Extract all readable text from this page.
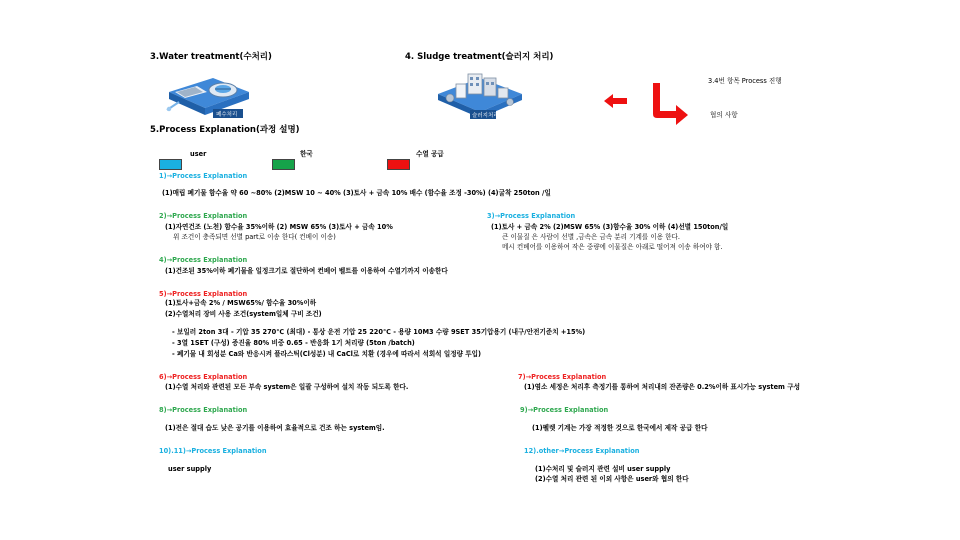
3.Water treatment(수처리)	4. Sludge treatment(슬러지 처리)
5.Process Explanation(과정 설명)
폐수처리	슬러지처리
3.4번 항목 Process 진행
협의 사항
user	한국	수열 공급
1)→Process Explanation
(1)매립 폐기물 함수율 약 60 ~80% (2)MSW 10 ~ 40% (3)토사 + 금속 10% 배수 (함수율 조정 -30%) (4)굴착 250ton /일
2)→Process Explanation
(1)자연건조 (노천) 함수율 35%이하 (2) MSW 65% (3)토사 + 금속 10%
위 조건이 충족되면 선별 part로 이송 한다( 컨베이 이송)
3)→Process Explanation
(1)토사 + 금속 2% (2)MSW 65% (3)함수율 30% 이하 (4)선별 150ton/일
큰 이물질 은 사람이 선별 ,금속은 금속 분리 기계를 이용 한다.
메시 컨베어를 이용하여 작은 중량에 이물질은 아래로 떨어져 이송 하여야 함.
4)→Process Explanation
(1)건조된 35%이하 폐기물을 일정크기로 절단하여 컨베어 벨트를 이용하여 수열기까지 이송한다
5)→Process Explanation
(1)토사+금속 2% / MSW65%/ 함수율 30%이하
(2)수열처리 장비 사용 조건(system일체 구비 조건)
- 보일러 2ton 3대 - 기압 35 270℃ (최대) - 통상 운전 기압 25 220℃ - 용량 10M3 수량 9SET 35기압용기 (내구/안전기준치 +15%)
- 3열 1SET (구성) 증진율 80% 비중 0.65 - 반응화 1기 처리량 (5ton /batch)
- 폐기물 내 회성분 Ca와 반응시켜 플라스틱(Cl성분) 내 CaCl로 치환 (경우에 따라서 석회석 일정량 투입)
6)→Process Explanation
(1)수열 처리와 관련된 모든 부속 system은 일괄 구성하여 설치 작동 되도록 한다.
7)→Process Explanation
(1)염소 세정은 처리후 측정기를 통하여 처리내의 잔존량은 0.2%이하 표시가능 system 구성
8)→Process Explanation
(1)전은 절대 습도 낮은 공기를 이용하여 효율적으로 건조 하는 system임.
9)→Process Explanation
(1)펠렛 기계는 가장 적정한 것으로 한국에서 제작 공급 한다
10).11)→Process Explanation
user supply
12).other→Process Explanation
(1)수처리 및 슬러지 관련 설비 user supply
(2)수열 처리 관련 된 이외 사항은 user와 협의 한다
